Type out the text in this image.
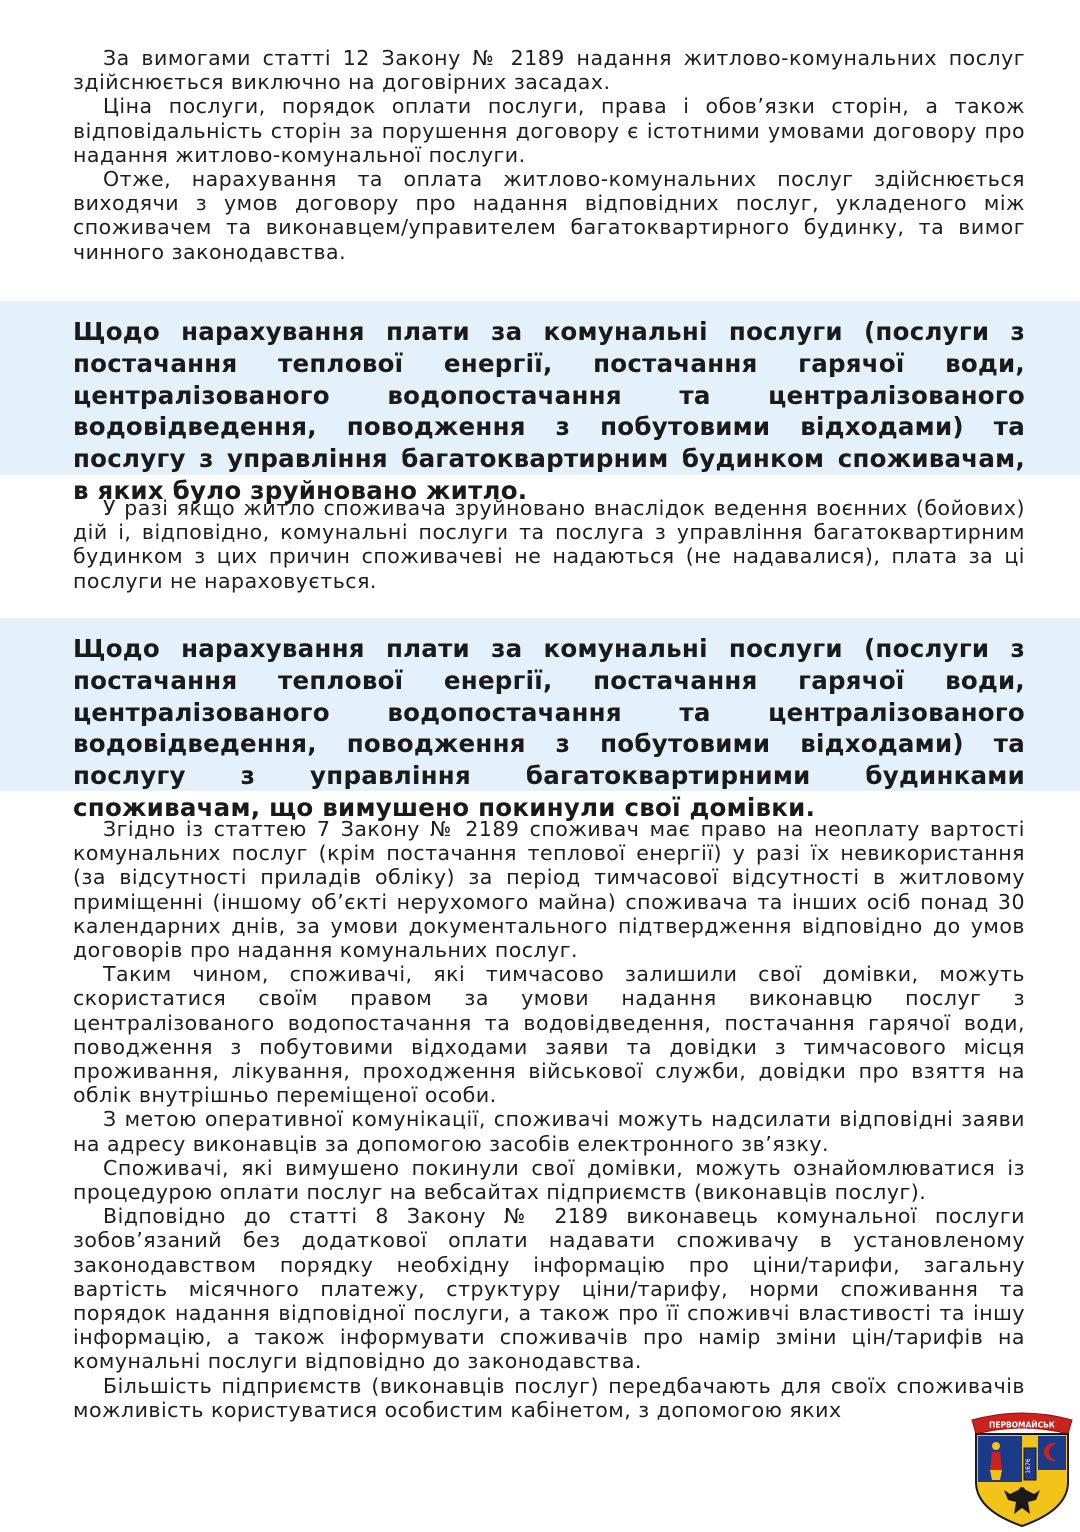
За вимогами статті 12 Закону № 2189 надання житлово-комунальних послуг здійснюється виключно на договірних засадах.

Ціна послуги, порядок оплати послуги, права і обов’язки сторін, а також відповідальність сторін за порушення договору є істотними умовами договору про надання житлово-комунальної послуги.

Отже, нарахування та оплата житлово-комунальних послуг здійснюється виходячи з умов договору про надання відповідних послуг, укладеного між споживачем та виконавцем/управителем багатоквартирного будинку, та вимог чинного законодавства.

Щодо нарахування плати за комунальні послуги (послуги з постачання теплової енергії, постачання гарячої води, централізованого водопостачання та централізованого водовідведення, поводження з побутовими відходами) та послугу з управління багатоквартирним будинком споживачам, в яких було зруйновано житло.

У разі якщо житло споживача зруйновано внаслідок ведення воєнних (бойових) дій і, відповідно, комунальні послуги та послуга з управління багатоквартирним будинком з цих причин споживачеві не надаються (не надавалися), плата за ці послуги не нараховується.

Щодо нарахування плати за комунальні послуги (послуги з постачання теплової енергії, постачання гарячої води, централізованого водопостачання та централізованого водовідведення, поводження з побутовими відходами) та послугу з управління багатоквартирними будинками споживачам, що вимушено покинули свої домівки.

Згідно із статтею 7 Закону № 2189 споживач має право на неоплату вартості комунальних послуг (крім постачання теплової енергії) у разі їх невикористання (за відсутності приладів обліку) за період тимчасової відсутності в житловому приміщенні (іншому об’єкті нерухомого майна) споживача та інших осіб понад 30 календарних днів, за умови документального підтвердження відповідно до умов договорів про надання комунальних послуг.

Таким чином, споживачі, які тимчасово залишили свої домівки, можуть скористатися своїм правом за умови надання виконавцю послуг з централізованого водопостачання та водовідведення, постачання гарячої води, поводження з побутовими відходами заяви та довідки з тимчасового місця проживання, лікування, проходження військової служби, довідки про взяття на облік внутрішньо переміщеної особи.

З метою оперативної комунікації, споживачі можуть надсилати відповідні заяви на адресу виконавців за допомогою засобів електронного зв’язку.

Споживачі, які вимушено покинули свої домівки, можуть ознайомлюватися із процедурою оплати послуг на вебсайтах підприємств (виконавців послуг).

Відповідно до статті 8 Закону № 2189 виконавець комунальної послуги зобов’язаний без додаткової оплати надавати споживачу в установленому законодавством порядку необхідну інформацію про ціни/тарифи, загальну вартість місячного платежу, структуру ціни/тарифу, норми споживання та порядок надання відповідної послуги, а також про її споживчі властивості та іншу інформацію, а також інформувати споживачів про намір зміни цін/тарифів на комунальні послуги відповідно до законодавства.

Більшість підприємств (виконавців послуг) передбачають для своїх споживачів можливість користуватися особистим кабінетом, з допомогою яких

ПЕРВОМАЙСЬК
1676
